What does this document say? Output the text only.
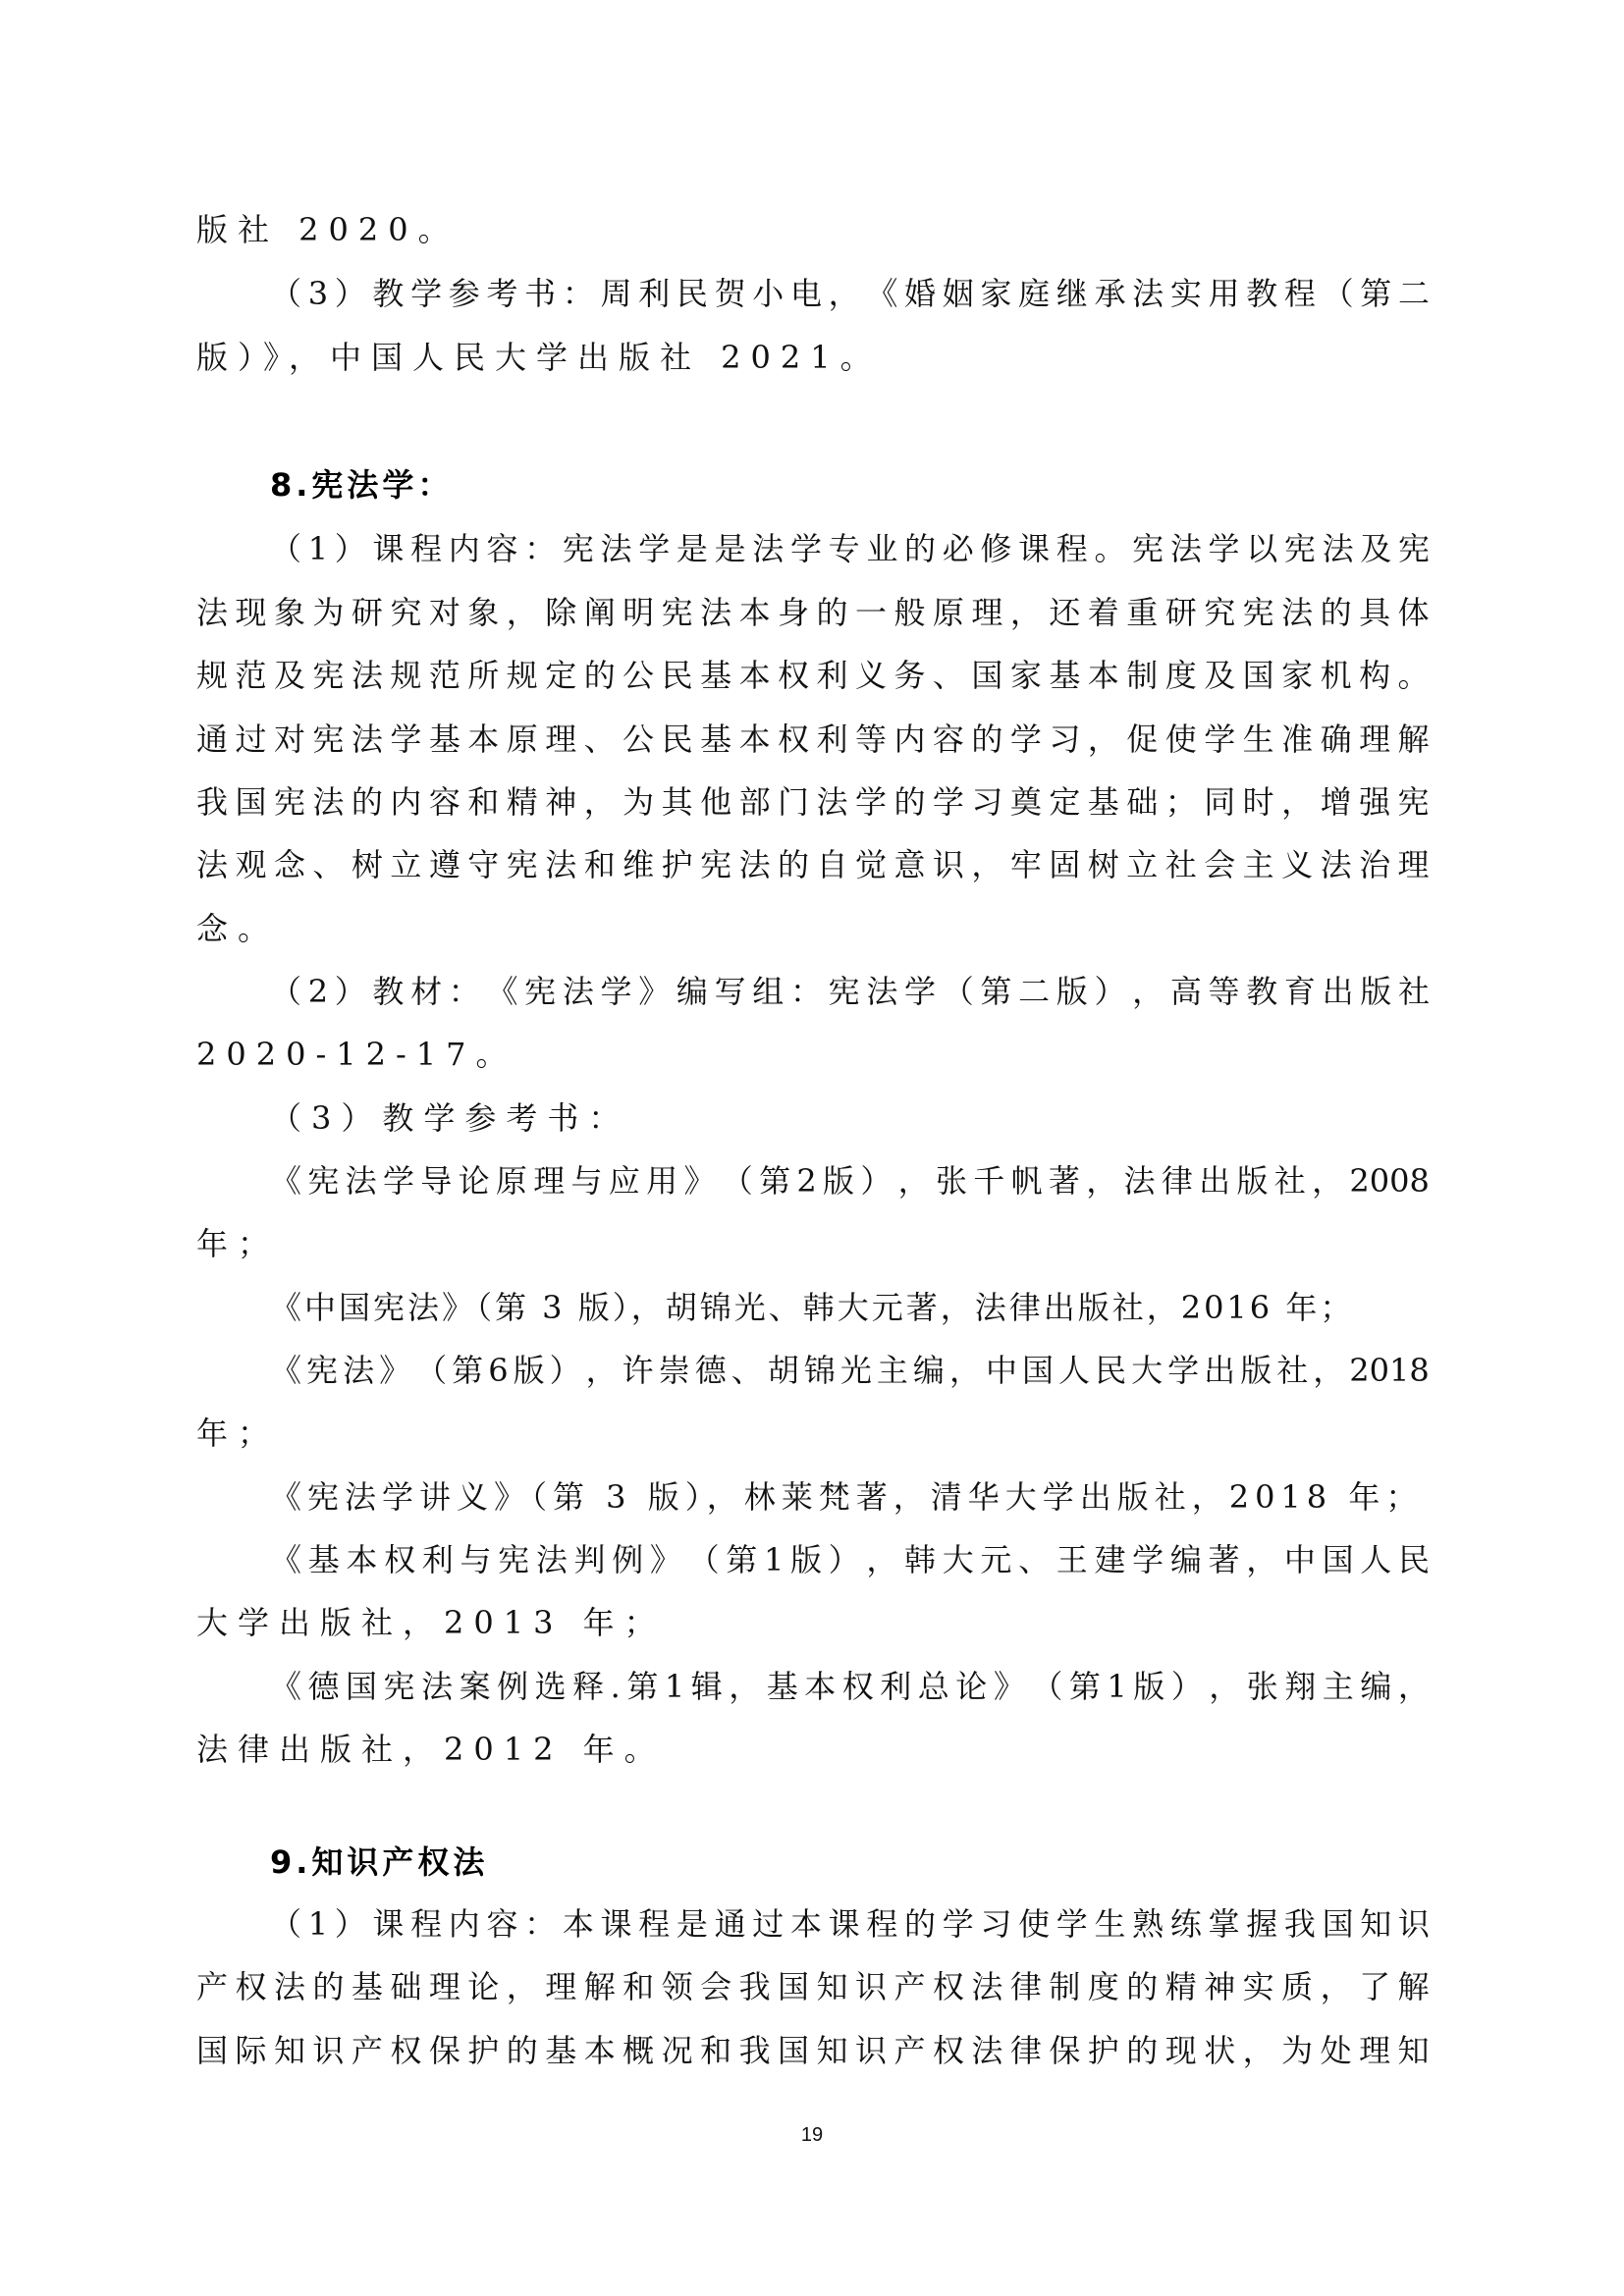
版社 2020。
（ 3 ） 教 学 参 考 书 ： 周 利 民 贺 小 电 ， 《 婚 姻 家 庭 继 承 法 实 用 教 程 （ 第 二
版）》，中国人民大学出版社 2021。
8.宪法学：
（ 1 ） 课 程 内 容 ： 宪 法 学 是 是 法 学 专 业 的 必 修 课 程 。 宪 法 学 以 宪 法 及 宪
法 现 象 为 研 究 对 象 ， 除 阐 明 宪 法 本 身 的 一 般 原 理 ， 还 着 重 研 究 宪 法 的 具 体
规 范 及 宪 法 规 范 所 规 定 的 公 民 基 本 权 利 义 务 、 国 家 基 本 制 度 及 国 家 机 构 。
通 过 对 宪 法 学 基 本 原 理 、 公 民 基 本 权 利 等 内 容 的 学 习 ， 促 使 学 生 准 确 理 解
我 国 宪 法 的 内 容 和 精 神 ， 为 其 他 部 门 法 学 的 学 习 奠 定 基 础 ； 同 时 ， 增 强 宪
法 观 念 、 树 立 遵 守 宪 法 和 维 护 宪 法 的 自 觉 意 识 ， 牢 固 树 立 社 会 主 义 法 治 理
念。
（ 2 ） 教 材 ： 《 宪 法 学 》 编 写 组 ： 宪 法 学 （ 第 二 版 ） ， 高 等 教 育 出 版 社
2020-12-17。
（3）教学参考书：
《 宪 法 学 导 论 原 理 与 应 用 》 （ 第 2 版 ） ， 张 千 帆 著 ， 法 律 出 版 社 ， 2008
年；
《中国宪法》（第 3 版），胡锦光、韩大元著，法律出版社，2016 年；
《 宪 法 》 （ 第 6 版 ） ， 许 崇 德 、 胡 锦 光 主 编 ， 中 国 人 民 大 学 出 版 社 ， 2018
年；
《宪法学讲义》（第 3 版），林莱梵著，清华大学出版社，2018 年；
《 基 本 权 利 与 宪 法 判 例 》 （ 第 1 版 ） ， 韩 大 元 、 王 建 学 编 著 ， 中 国 人 民
大学出版社，2013 年；
《 德 国 宪 法 案 例 选 释 . 第 1 辑 ， 基 本 权 利 总 论 》 （ 第 1 版 ） ， 张 翔 主 编 ，
法律出版社，2012 年。
9.知识产权法
（ 1 ） 课 程 内 容 ： 本 课 程 是 通 过 本 课 程 的 学 习 使 学 生 熟 练 掌 握 我 国 知 识
产 权 法 的 基 础 理 论 ， 理 解 和 领 会 我 国 知 识 产 权 法 律 制 度 的 精 神 实 质 ， 了 解
国 际 知 识 产 权 保 护 的 基 本 概 况 和 我 国 知 识 产 权 法 律 保 护 的 现 状 ， 为 处 理 知
19
